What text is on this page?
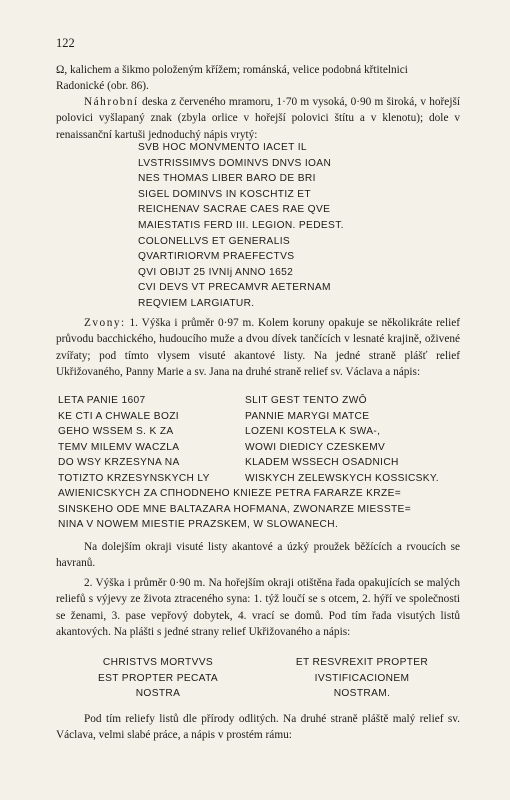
122

Ω, kalichem a šikmo položeným křížem; románská, velice podobná křtitelnici

Radonické (obr. 86).

Náhrobní deska z červeného mramoru, 1·70 m vysoká, 0·90 m široká, v hořejší polovici vyšlapaný znak (zbyla orlice v hořejší polovici štítu a v klenotu); dole v renaissanční kartuši jednoduchý nápis vrytý:

SVB HOC MONVMENTO IACET IL
LVSTRISSIMVS DOMINVS DNVS IOAN
NES THOMAS LIBER BARO DE BRI
SIGEL DOMINVS IN KOSCHTIZ ET
REICHENAV SACRAE CAES RAE QVE
MAIESTATIS FERD III. LEGION. PEDEST.
COLONELLVS ET GENERALIS
QVARTIRIORVM PRAEFECTVS
QVI OBIJT 25 IVNIj ANNO 1652
CVI DEVS VT PRECAMVR AETERNAM
REQVIEM LARGIATUR.

Zvony: 1. Výška i průměr 0·97 m. Kolem koruny opakuje se několikráte relief průvodu bacchického, hudoucího muže a dvou dívek tančících v lesnaté krajině, oživené zvířaty; pod tímto vlysem visuté akantové listy. Na jedné straně plášť relief Ukřižovaného, Panny Marie a sv. Jana na druhé straně relief sv. Václava a nápis:

LETA PANIE 1607
KE CTI A CHWALE BOZI
GEHO WSSEM S. K ZA
TEMV MILEMV WACZLA
DO WSY KRZESYNA NA
TOTIZTO KRZESYNSKYCH LY
SLIT GEST TENTO ZWÔ
PANNIE MARYGI MATCE
LOZENI KOSTELA K SWA-,
WOWI DIEDICY CZESKEMV
KLADEM WSSECH OSADNICH
WISKYCH ZELEWSKYCH KOSSICSKY.
AWIENICSKYCH ZA CΠHODNEHO KNIEZE PETRA FARARZE KRZE=
SINSKEHO ODE MNE BALTAZARA HOFMANA, ZWONARZE MIESSTE=
NINA V NOWEM MIESTIE PRAZSKEM, W SLOWANECH.

Na dolejším okraji visuté listy akantové a úzký proužek běžících a rvoucích se havranů.

2. Výška i průměr 0·90 m. Na hořejším okraji otištěna řada opakujících se malých reliefů s výjevy ze života ztraceného syna: 1. týž loučí se s otcem, 2. hýří ve společnosti se ženami, 3. pase vepřový dobytek, 4. vrací se domů. Pod tím řada visutých listů akantových. Na plášti s jedné strany relief Ukřižovaného a nápis:

CHRISTVS MORTVVS
EST PROPTER PECATA
NOSTRA
ET RESVREXIT PROPTER
IVSTIFICACIONEM
NOSTRAM.

Pod tím reliefy listů dle přírody odlitých. Na druhé straně pláště malý relief sv. Václava, velmi slabé práce, a nápis v prostém rámu:
